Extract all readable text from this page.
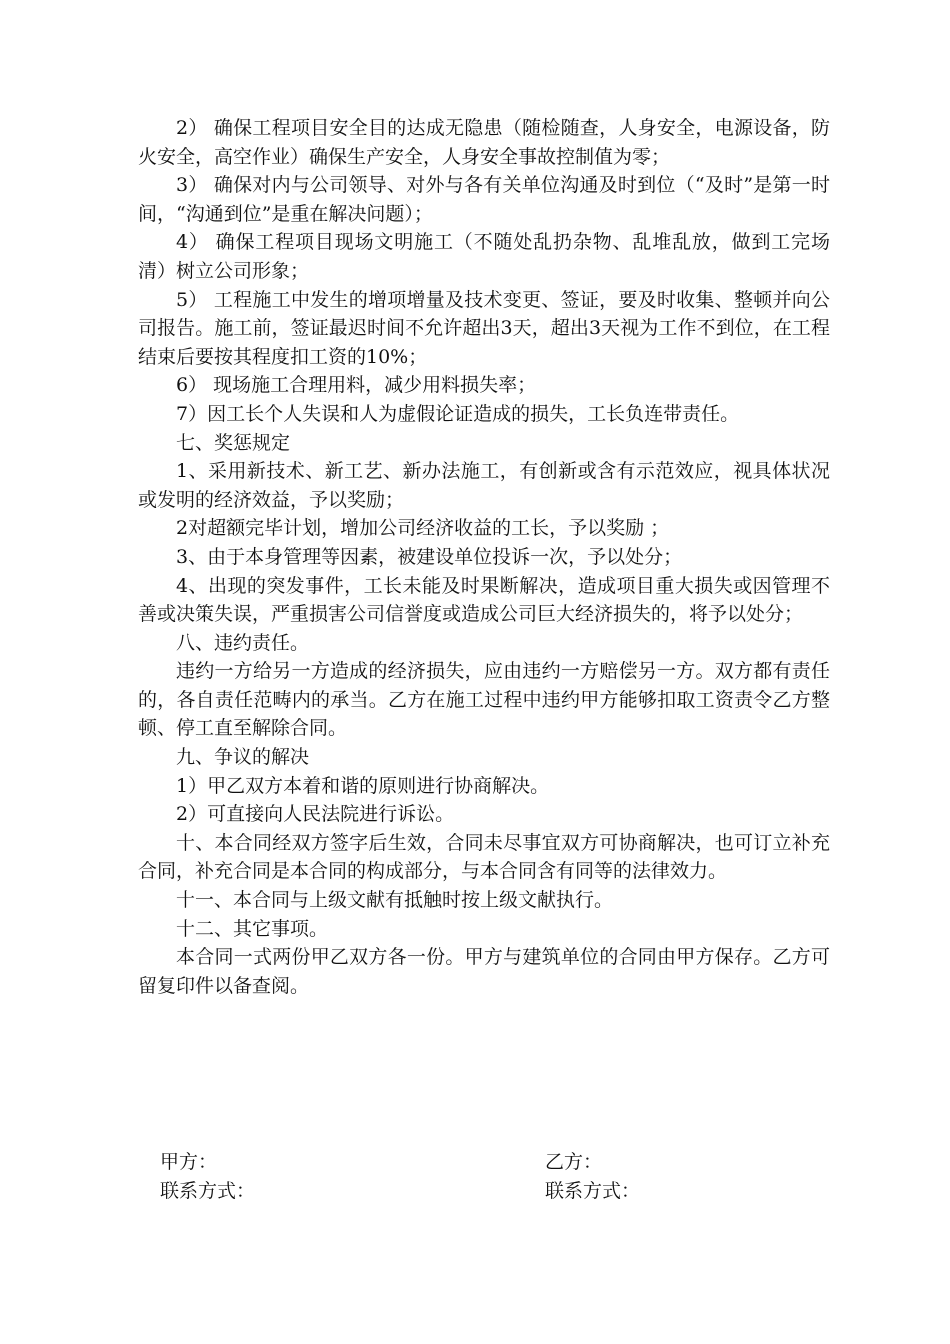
2） 确保工程项目安全目的达成无隐患（随检随查，人身安全，电源设备，防火安全，高空作业）确保生产安全，人身安全事故控制值为零；

3） 确保对内与公司领导、对外与各有关单位沟通及时到位（“及时”是第一时间，“沟通到位”是重在解决问题）；

4） 确保工程项目现场文明施工（不随处乱扔杂物、乱堆乱放，做到工完场清）树立公司形象；

5） 工程施工中发生的增项增量及技术变更、签证，要及时收集、整顿并向公司报告。施工前，签证最迟时间不允许超出3天，超出3天视为工作不到位，在工程结束后要按其程度扣工资的10%；

6） 现场施工合理用料，减少用料损失率；

7）因工长个人失误和人为虚假论证造成的损失，工长负连带责任。

七、奖惩规定

1、采用新技术、新工艺、新办法施工，有创新或含有示范效应，视具体状况或发明的经济效益，予以奖励；

2对超额完毕计划，增加公司经济收益的工长，予以奖励 ；

3、由于本身管理等因素，被建设单位投诉一次，予以处分；

4、出现的突发事件，工长未能及时果断解决，造成项目重大损失或因管理不善或决策失误，严重损害公司信誉度或造成公司巨大经济损失的，将予以处分；

八、违约责任。

违约一方给另一方造成的经济损失，应由违约一方赔偿另一方。双方都有责任的，各自责任范畴内的承当。乙方在施工过程中违约甲方能够扣取工资责令乙方整顿、停工直至解除合同。

九、争议的解决

1）甲乙双方本着和谐的原则进行协商解决。

2）可直接向人民法院进行诉讼。

十、本合同经双方签字后生效，合同未尽事宜双方可协商解决，也可订立补充合同，补充合同是本合同的构成部分，与本合同含有同等的法律效力。

十一、本合同与上级文献有抵触时按上级文献执行。

十二、其它事项。

本合同一式两份甲乙双方各一份。甲方与建筑单位的合同由甲方保存。乙方可留复印件以备查阅。

甲方：	乙方：
联系方式：	联系方式：
